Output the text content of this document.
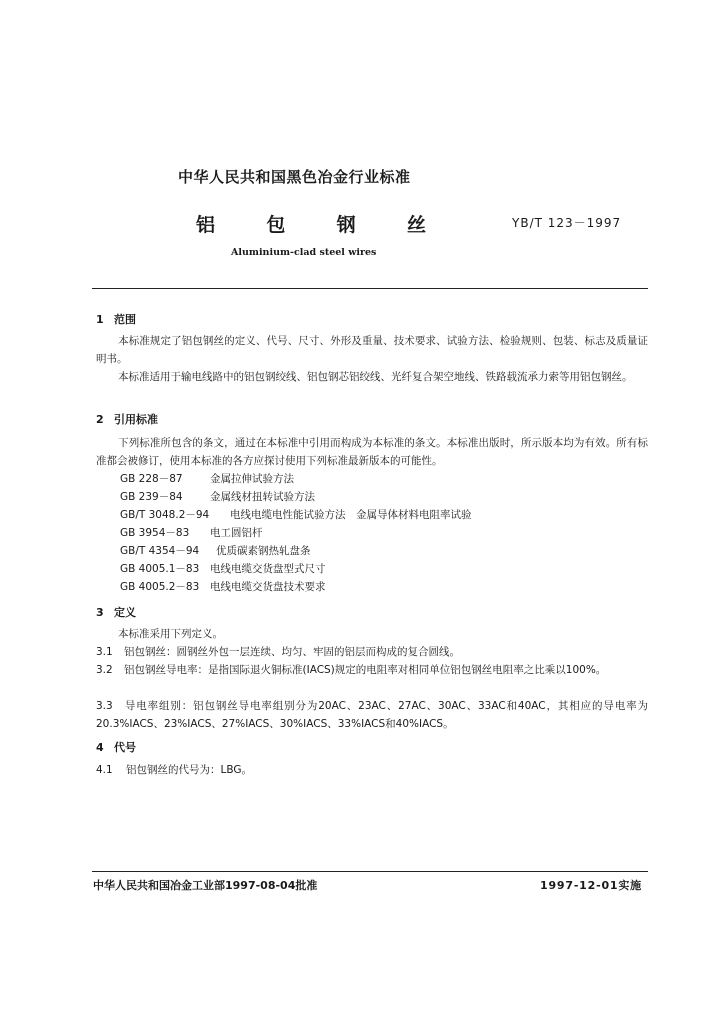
中华人民共和国黑色冶金行业标准
铝	包	钢	丝	YB/T 123－1997
Aluminium-clad steel wires
1 范围
本标准规定了铝包钢丝的定义、代号、尺寸、外形及重量、技术要求、试验方法、检验规则、包装、标志及质量证明书。
本标准适用于输电线路中的铝包钢绞线、铝包钢芯铝绞线、光纤复合架空地线、铁路载流承力索等用铝包钢丝。
2 引用标准
下列标准所包含的条文，通过在本标准中引用而构成为本标准的条文。本标准出版时，所示版本均为有效。所有标准都会被修订，使用本标准的各方应探讨使用下列标准最新版本的可能性。
GB 228－87	金属拉伸试验方法
GB 239－84	金属线材扭转试验方法
GB/T 3048.2－94 电线电缆电性能试验方法　金属导体材料电阻率试验
GB 3954－83 电工圆铝杆
GB/T 4354－94 优质碳素钢热轧盘条
GB 4005.1－83 电线电缆交货盘型式尺寸
GB 4005.2－83 电线电缆交货盘技术要求
3 定义
本标准采用下列定义。
3.1 铝包钢丝：圆钢丝外包一层连续、均匀、牢固的铝层而构成的复合圆线。
3.2 铝包钢丝导电率：是指国际退火铜标准(IACS)规定的电阻率对相同单位铝包钢丝电阻率之比乘以100%。
3.3 导电率组别：铝包钢丝导电率组别分为20AC、23AC、27AC、30AC、33AC和40AC，其相应的导电率为20.3%IACS、23%IACS、27%IACS、30%IACS、33%IACS和40%IACS。
4 代号
4.1 铝包钢丝的代号为：LBG。
中华人民共和国冶金工业部1997-08-04批准	1997-12-01实施
